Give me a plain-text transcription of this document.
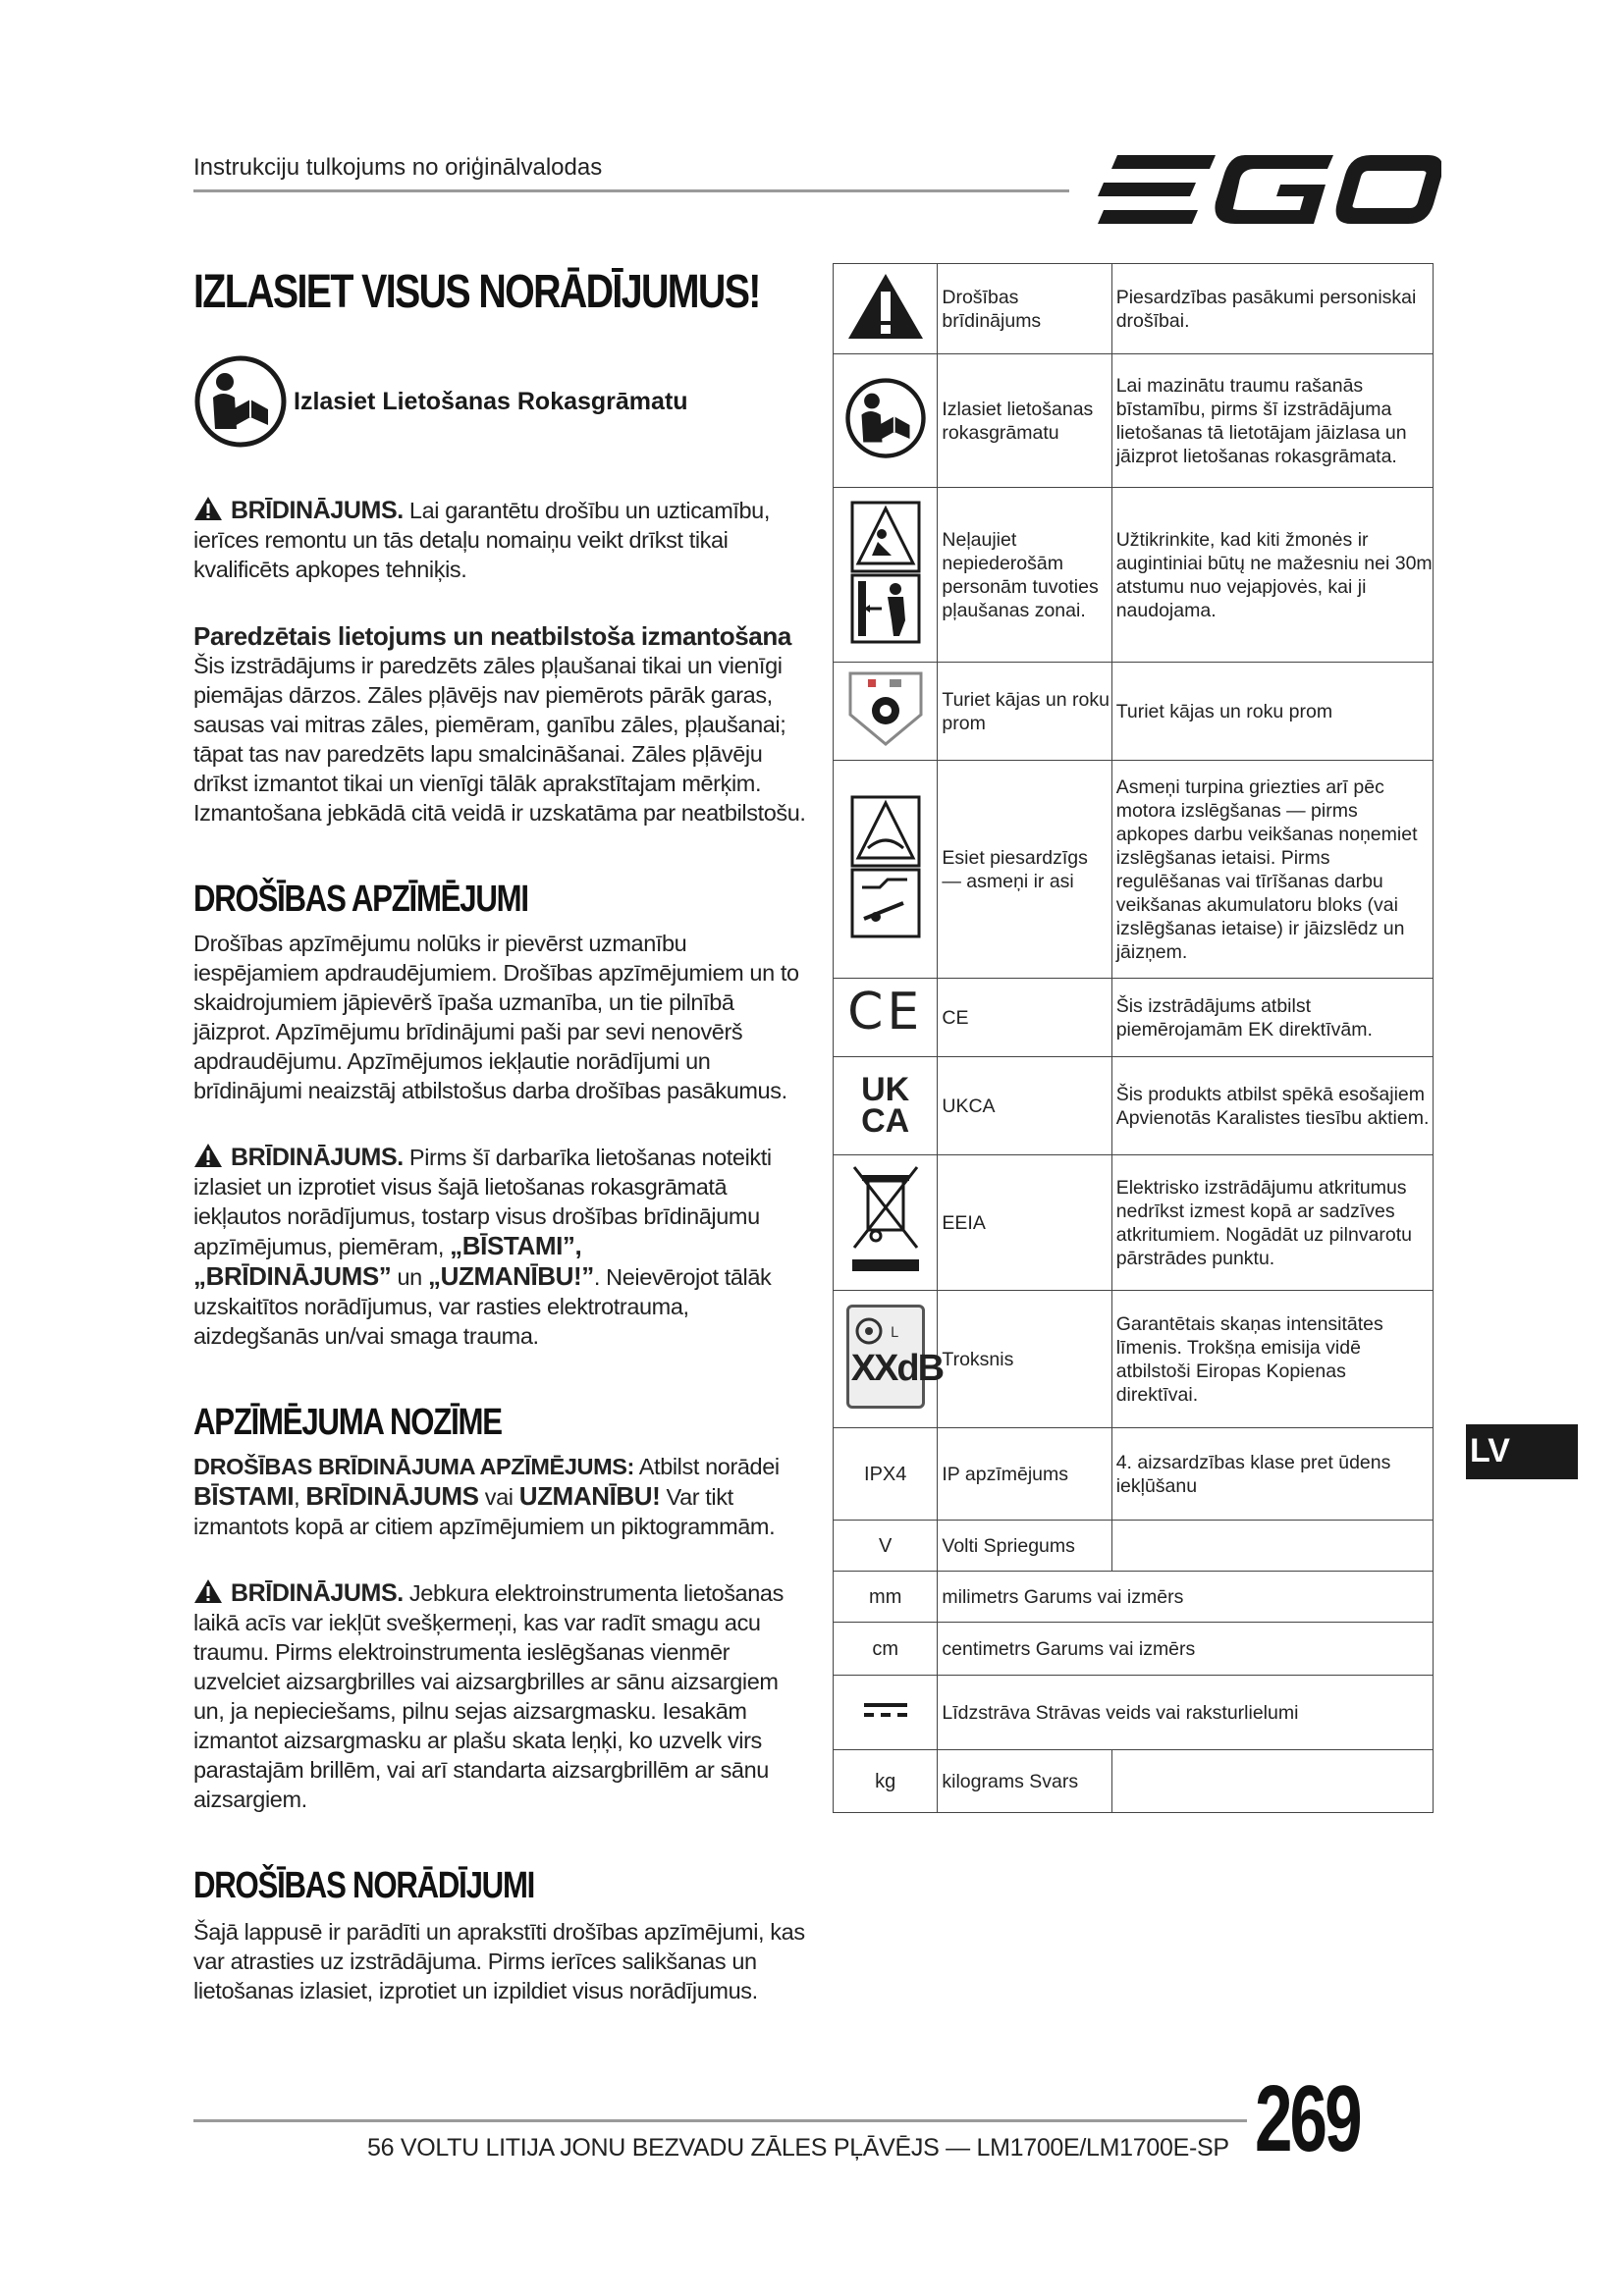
Instrukciju tulkojums no oriģinālvalodas
IZLASIET VISUS NORĀDĪJUMUS!
Izlasiet Lietošanas Rokasgrāmatu

BRĪDINĀJUMS. Lai garantētu drošību un uzticamību, ierīces remontu un tās detaļu nomaiņu veikt drīkst tikai kvalificēts apkopes tehniķis.

Paredzētais lietojums un neatbilstoša izmantošana

Šis izstrādājums ir paredzēts zāles pļaušanai tikai un vienīgi piemājas dārzos. Zāles pļāvējs nav piemērots pārāk garas, sausas vai mitras zāles, piemēram, ganību zāles, pļaušanai; tāpat tas nav paredzēts lapu smalcināšanai. Zāles pļāvēju drīkst izmantot tikai un vienīgi tālāk aprakstītajam mērķim. Izmantošana jebkādā citā veidā ir uzskatāma par neatbilstošu.

DROŠĪBAS APZĪMĒJUMI

Drošības apzīmējumu nolūks ir pievērst uzmanību iespējamiem apdraudējumiem. Drošības apzīmējumiem un to skaidrojumiem jāpievērš īpaša uzmanība, un tie pilnībā jāizprot. Apzīmējumu brīdinājumi paši par sevi nenovērš apdraudējumu. Apzīmējumos iekļautie norādījumi un brīdinājumi neaizstāj atbilstošus darba drošības pasākumus.

BRĪDINĀJUMS. Pirms šī darbarīka lietošanas noteikti izlasiet un izprotiet visus šajā lietošanas rokasgrāmatā iekļautos norādījumus, tostarp visus drošības brīdinājumu apzīmējumus, piemēram, „BĪSTAMI”,
„BRĪDINĀJUMS” un „UZMANĪBU!”. Neievērojot tālāk uzskaitītos norādījumus, var rasties elektrotrauma, aizdegšanās un/vai smaga trauma.

APZĪMĒJUMA NOZĪME

DROŠĪBAS BRĪDINĀJUMA APZĪMĒJUMS: Atbilst norādei BĪSTAMI, BRĪDINĀJUMS vai UZMANĪBU! Var tikt izmantots kopā ar citiem apzīmējumiem un piktogrammām.

BRĪDINĀJUMS. Jebkura elektroinstrumenta lietošanas laikā acīs var iekļūt svešķermeņi, kas var radīt smagu acu traumu. Pirms elektroinstrumenta ieslēgšanas vienmēr uzvelciet aizsargbrilles vai aizsargbrilles ar sānu aizsargiem un, ja nepieciešams, pilnu sejas aizsargmasku. Iesakām izmantot aizsargmasku ar plašu skata leņķi, ko uzvelk virs parastajām brillēm, vai arī standarta aizsargbrillēm ar sānu aizsargiem.

DROŠĪBAS NORĀDĪJUMI

Šajā lappusē ir parādīti un aprakstīti drošības apzīmējumi, kas var atrasties uz izstrādājuma. Pirms ierīces salikšanas un lietošanas izlasiet, izprotiet un izpildiet visus norādījumus.

	Drošības brīdinājums	Piesardzības pasākumi personiskai drošībai.
	Izlasiet lietošanas rokasgrāmatu	Lai mazinātu traumu rašanās bīstamību, pirms šī izstrādājuma lietošanas tā lietotājam jāizlasa un jāizprot lietošanas rokasgrāmata.
	Neļaujiet nepiederošām personām tuvoties pļaušanas zonai.	Užtikrinkite, kad kiti žmonės ir augintiniai būtų ne mažesniu nei 30m atstumu nuo vejapjovės, kai ji naudojama.
	Turiet kājas un roku prom	Turiet kājas un roku prom
	Esiet piesardzīgs — asmeņi ir asi	Asmeņi turpina griezties arī pēc motora izslēgšanas — pirms apkopes darbu veikšanas noņemiet izslēgšanas ietaisi. Pirms regulēšanas vai tīrīšanas darbu veikšanas akumulatoru bloks (vai izslēgšanas ietaise) ir jāizslēdz un jāizņem.
CE	CE	Šis izstrādājums atbilst piemērojamām EK direktīvām.
UK CA	UKCA	Šis produkts atbilst spēkā esošajiem Apvienotās Karalistes tiesību aktiem.
	EEIA	Elektrisko izstrādājumu atkritumus nedrīkst izmest kopā ar sadzīves atkritumiem. Nogādāt uz pilnvarotu pārstrādes punktu.

L
XXdB	Troksnis	Garantētais skaņas intensitātes līmenis. Trokšņa emisija vidē atbilstoši Eiropas Kopienas direktīvai.
IPX4	IP apzīmējums	4. aizsardzības klase pret ūdens iekļūšanu
V	Volti Spriegums	
mm	milimetrs Garums vai izmērs	
cm	centimetrs Garums vai izmērs	
	Līdzstrāva Strāvas veids vai raksturlielumi	
kg	kilograms Svars	
LV
56 VOLTU LITIJA JONU BEZVADU ZĀLES PĻĀVĒJS — LM1700E/LM1700E-SP 269
